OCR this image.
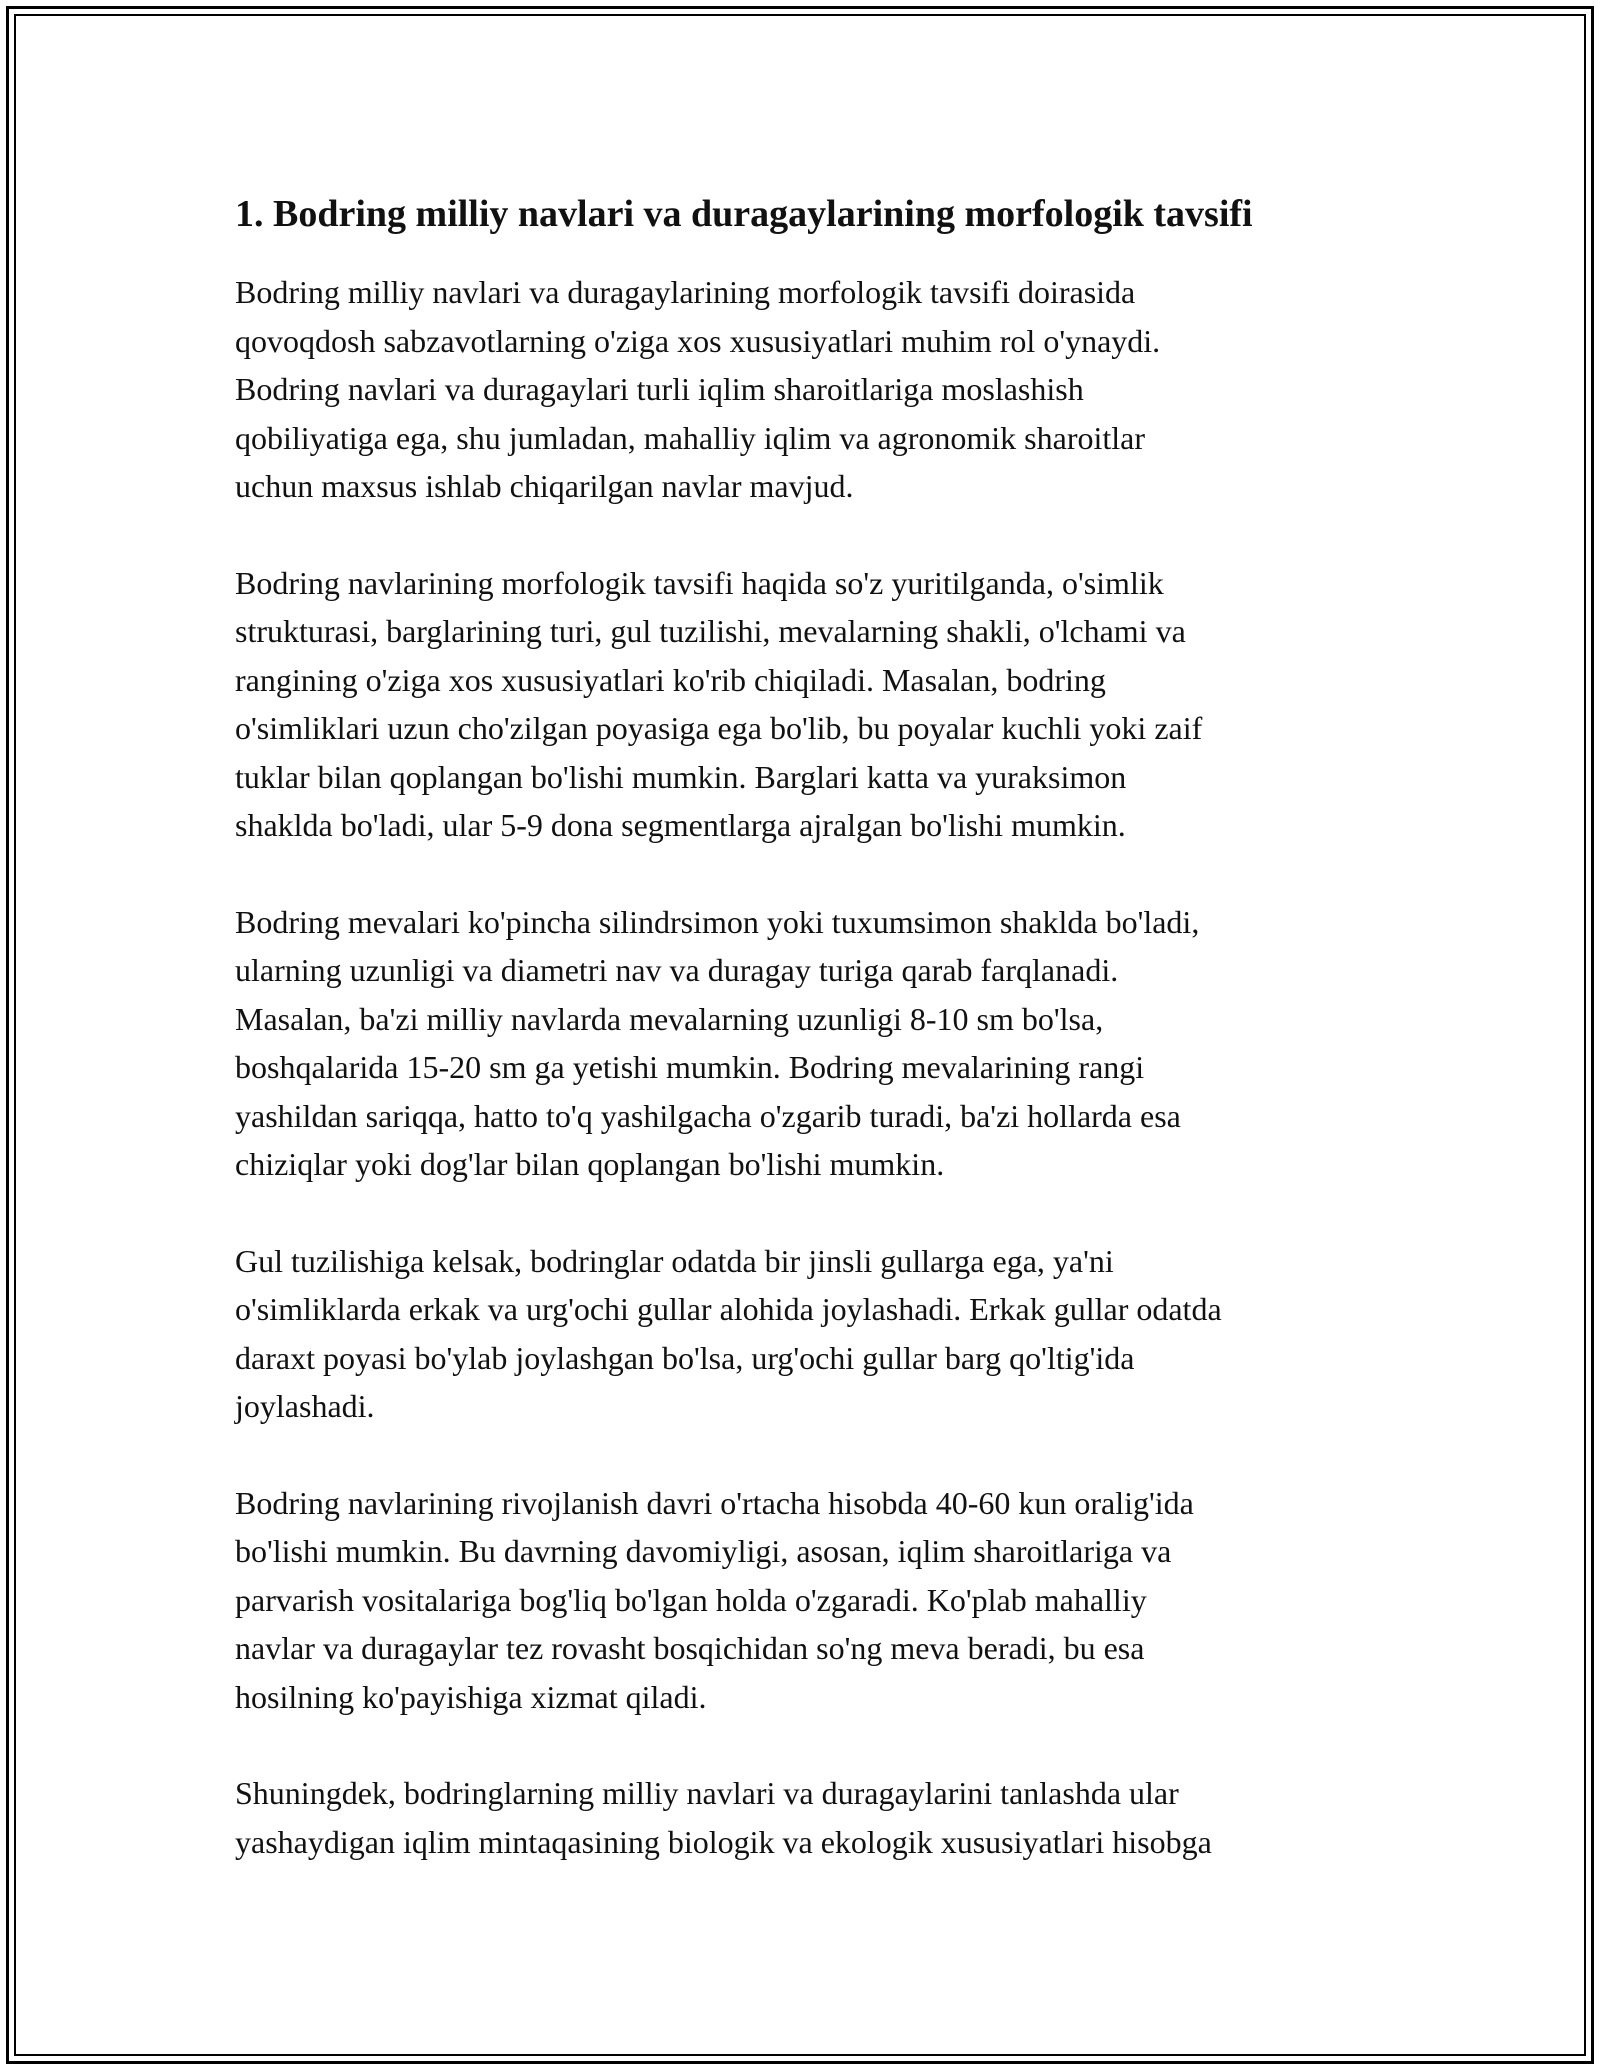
1. Bodring milliy navlari va duragaylarining morfologik tavsifi

Bodring milliy navlari va duragaylarining morfologik tavsifi doirasida
qovoqdosh sabzavotlarning o'ziga xos xususiyatlari muhim rol o'ynaydi.
Bodring navlari va duragaylari turli iqlim sharoitlariga moslashish
qobiliyatiga ega, shu jumladan, mahalliy iqlim va agronomik sharoitlar
uchun maxsus ishlab chiqarilgan navlar mavjud.

Bodring navlarining morfologik tavsifi haqida so'z yuritilganda, o'simlik
strukturasi, barglarining turi, gul tuzilishi, mevalarning shakli, o'lchami va
rangining o'ziga xos xususiyatlari ko'rib chiqiladi. Masalan, bodring
o'simliklari uzun cho'zilgan poyasiga ega bo'lib, bu poyalar kuchli yoki zaif
tuklar bilan qoplangan bo'lishi mumkin. Barglari katta va yuraksimon
shaklda bo'ladi, ular 5-9 dona segmentlarga ajralgan bo'lishi mumkin.

Bodring mevalari ko'pincha silindrsimon yoki tuxumsimon shaklda bo'ladi,
ularning uzunligi va diametri nav va duragay turiga qarab farqlanadi.
Masalan, ba'zi milliy navlarda mevalarning uzunligi 8-10 sm bo'lsa,
boshqalarida 15-20 sm ga yetishi mumkin. Bodring mevalarining rangi
yashildan sariqqa, hatto to'q yashilgacha o'zgarib turadi, ba'zi hollarda esa
chiziqlar yoki dog'lar bilan qoplangan bo'lishi mumkin.

Gul tuzilishiga kelsak, bodringlar odatda bir jinsli gullarga ega, ya'ni
o'simliklarda erkak va urg'ochi gullar alohida joylashadi. Erkak gullar odatda
daraxt poyasi bo'ylab joylashgan bo'lsa, urg'ochi gullar barg qo'ltig'ida
joylashadi.

Bodring navlarining rivojlanish davri o'rtacha hisobda 40-60 kun oralig'ida
bo'lishi mumkin. Bu davrning davomiyligi, asosan, iqlim sharoitlariga va
parvarish vositalariga bog'liq bo'lgan holda o'zgaradi. Ko'plab mahalliy
navlar va duragaylar tez rovasht bosqichidan so'ng meva beradi, bu esa
hosilning ko'payishiga xizmat qiladi.

Shuningdek, bodringlarning milliy navlari va duragaylarini tanlashda ular
yashaydigan iqlim mintaqasining biologik va ekologik xususiyatlari hisobga
